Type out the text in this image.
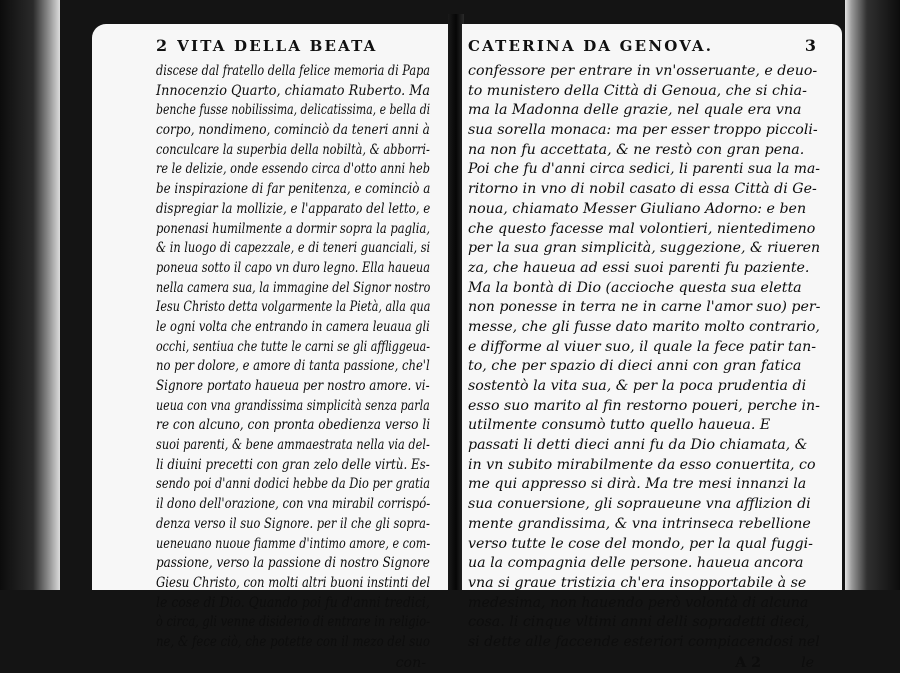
2 VITA DELLA BEATA
discese dal fratello della felice memoria di Papa
Innocenzio Quarto, chiamato Ruberto. Ma
benche fusse nobilissima, delicatissima, e bella di
corpo, nondimeno, cominciò da teneri anni à
conculcare la superbia della nobiltà, & abborri-
re le delizie, onde essendo circa d'otto anni heb
be inspirazione di far penitenza, e cominciò a
dispregiar la mollizie, e l'apparato del letto, e
ponenasi humilmente a dormir sopra la paglia,
& in luogo di capezzale, e di teneri guanciali, si
poneua sotto il capo vn duro legno. Ella haueua
nella camera sua, la immagine del Signor nostro
Iesu Christo detta volgarmente la Pietà, alla qua
le ogni volta che entrando in camera leuaua gli
occhi, sentiua che tutte le carni se gli affliggeua-
no per dolore, e amore di tanta passione, che'l
Signore portato haueua per nostro amore. vi-
ueua con vna grandissima simplicità senza parla
re con alcuno, con pronta obedienza verso li
suoi parenti, & bene ammaestrata nella via del-
li diuini precetti con gran zelo delle virtù. Es-
sendo poi d'anni dodici hebbe da Dio per gratia
il dono dell'orazione, con vna mirabil corrispó-
denza verso il suo Signore. per il che gli sopra-
ueneuano nuoue fiamme d'intimo amore, e com-
passione, verso la passione di nostro Signore
Giesu Christo, con molti altri buoni instinti del
le cose di Dio. Quando poi fu d'anni tredici,
ò circa, gli venne disiderio di entrare in religio-
ne, & fece ciò, che potette con il mezo del suo
con-
CATERINA DA GENOVA.	3
confessore per entrare in vn'osseruante, e deuo-
to munistero della Città di Genoua, che si chia-
ma la Madonna delle grazie, nel quale era vna
sua sorella monaca: ma per esser troppo piccoli-
na non fu accettata, & ne restò con gran pena.
Poi che fu d'anni circa sedici, li parenti sua la ma-
ritorno in vno di nobil casato di essa Città di Ge-
noua, chiamato Messer Giuliano Adorno: e ben
che questo facesse mal volontieri, nientedimeno
per la sua gran simplicità, suggezione, & riueren
za, che haueua ad essi suoi parenti fu paziente.
Ma la bontà di Dio (accioche questa sua eletta
non ponesse in terra ne in carne l'amor suo) per-
messe, che gli fusse dato marito molto contrario,
e difforme al viuer suo, il quale la fece patir tan-
to, che per spazio di dieci anni con gran fatica
sostentò la vita sua, & per la poca prudentia di
esso suo marito al fin restorno poueri, perche in-
utilmente consumò tutto quello haueua. E
passati li detti dieci anni fu da Dio chiamata, &
in vn subito mirabilmente da esso conuertita, co
me qui appresso si dirà. Ma tre mesi innanzi la
sua conuersione, gli sopraueune vna afflizion di
mente grandissima, & vna intrinseca rebellione
verso tutte le cose del mondo, per la qual fuggi-
ua la compagnia delle persone. haueua ancora
vna si graue tristizia ch'era insopportabile à se
medesima, non hauendo però volontà di alcuna
cosa. li cinque vltimi anni delli sopradetti dieci,
si dette alle faccende esteriori compiacendosi nel
A 2	le
